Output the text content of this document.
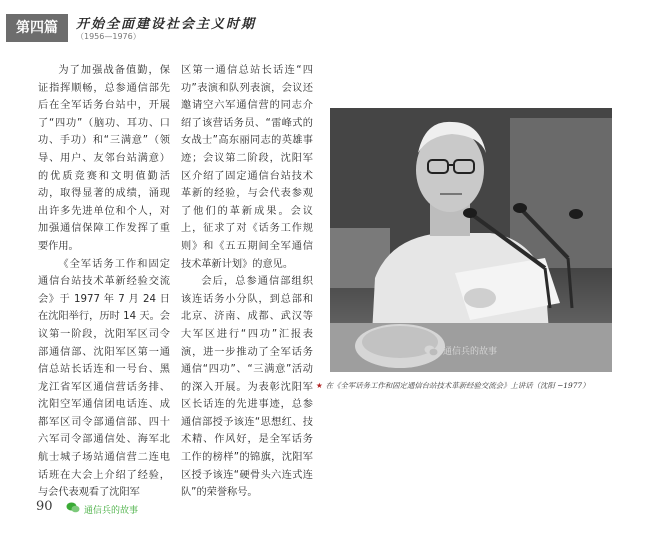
第四篇	开始全面建设社会主义时期
（1956—1976）

为了加强战备值勤，保证指挥顺畅，总参通信部先后在全军话务台站中，开展了“四功”（脑功、耳功、口功、手功）和“三满意”（领导、用户、友邻台站满意）的优质竞赛和文明值勤活动，取得显著的成绩，涌现出许多先进单位和个人，对加强通信保障工作发挥了重要作用。

《全军话务工作和固定通信台站技术革新经验交流会》于 1977 年 7 月 24 日在沈阳举行，历时 14 天。会议第一阶段，沈阳军区司令部通信部、沈阳军区第一通信总站长话连和一号台、黑龙江省军区通信营话务排、沈阳空军通信团电话连、成都军区司令部通信部、四十六军司令部通信处、海军北航士城子场站通信营二连电话班在大会上介绍了经验，与会代表观看了沈阳军

区第一通信总站长话连“四功”表演和队列表演，会议还邀请空六军通信营的同志介绍了该营话务员、“雷峰式的女战士”高东丽同志的英雄事迹；会议第二阶段，沈阳军区介绍了固定通信台站技术革新的经验，与会代表参观了他们的革新成果。会议上，征求了对《话务工作规则》和《五五期间全军通信技术革新计划》的意见。

会后，总参通信部组织该连话务小分队，到总部和北京、济南、成都、武汉等大军区进行“四功”汇报表演，进一步推动了全军话务通信“四功”、“三满意”活动的深入开展。为表彰沈阳军区长话连的先进事迹，总参通信部授予该连“思想红、技术精、作风好，是全军话务工作的榜样”的锦旗，沈阳军区授予该连“硬骨头六连式连队”的荣誉称号。

通信兵的故事
★ 在《全军话务工作和固定通信台站技术革新经验交流会》上讲话（沈阳 −1977）
90	通信兵的故事
